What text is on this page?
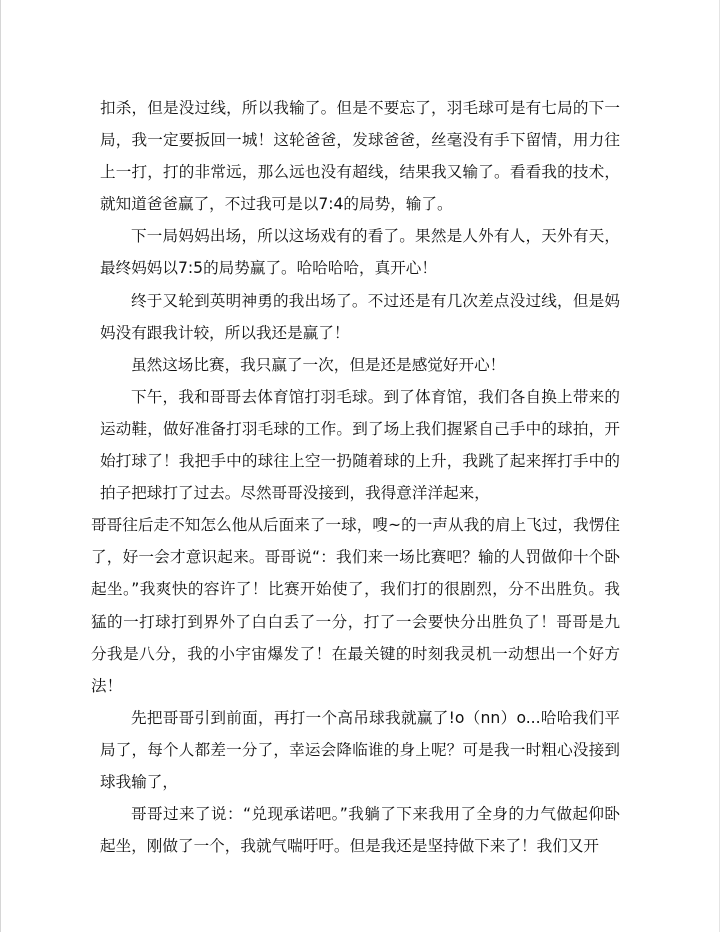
扣杀，但是没过线，所以我输了。但是不要忘了，羽毛球可是有七局的下一局，我一定要扳回一城！这轮爸爸，发球爸爸，丝毫没有手下留情，用力往上一打，打的非常远，那么远也没有超线，结果我又输了。看看我的技术，就知道爸爸赢了，不过我可是以7:4的局势，输了。

下一局妈妈出场，所以这场戏有的看了。果然是人外有人，天外有天，最终妈妈以7:5的局势赢了。哈哈哈哈，真开心！

终于又轮到英明神勇的我出场了。不过还是有几次差点没过线，但是妈妈没有跟我计较，所以我还是赢了！

虽然这场比赛，我只赢了一次，但是还是感觉好开心！

下午，我和哥哥去体育馆打羽毛球。到了体育馆，我们各自换上带来的运动鞋，做好准备打羽毛球的工作。到了场上我们握紧自己手中的球拍，开始打球了！我把手中的球往上空一扔随着球的上升，我跳了起来挥打手中的拍子把球打了过去。尽然哥哥没接到，我得意洋洋起来，

哥哥往后走不知怎么他从后面来了一球，嗖~的一声从我的肩上飞过，我愣住了，好一会才意识起来。哥哥说“：我们来一场比赛吧？输的人罚做仰十个卧起坐。”我爽快的容许了！比赛开始使了，我们打的很剧烈，分不出胜负。我猛的一打球打到界外了白白丢了一分，打了一会要快分出胜负了！哥哥是九分我是八分，我的小宇宙爆发了！在最关键的时刻我灵机一动想出一个好方法！

先把哥哥引到前面，再打一个高吊球我就赢了!o（nn）o...哈哈我们平局了，每个人都差一分了，幸运会降临谁的身上呢？可是我一时粗心没接到球我输了，

哥哥过来了说：“兑现承诺吧。”我躺了下来我用了全身的力气做起仰卧起坐，刚做了一个，我就气喘吁吁。但是我还是坚持做下来了！我们又开
